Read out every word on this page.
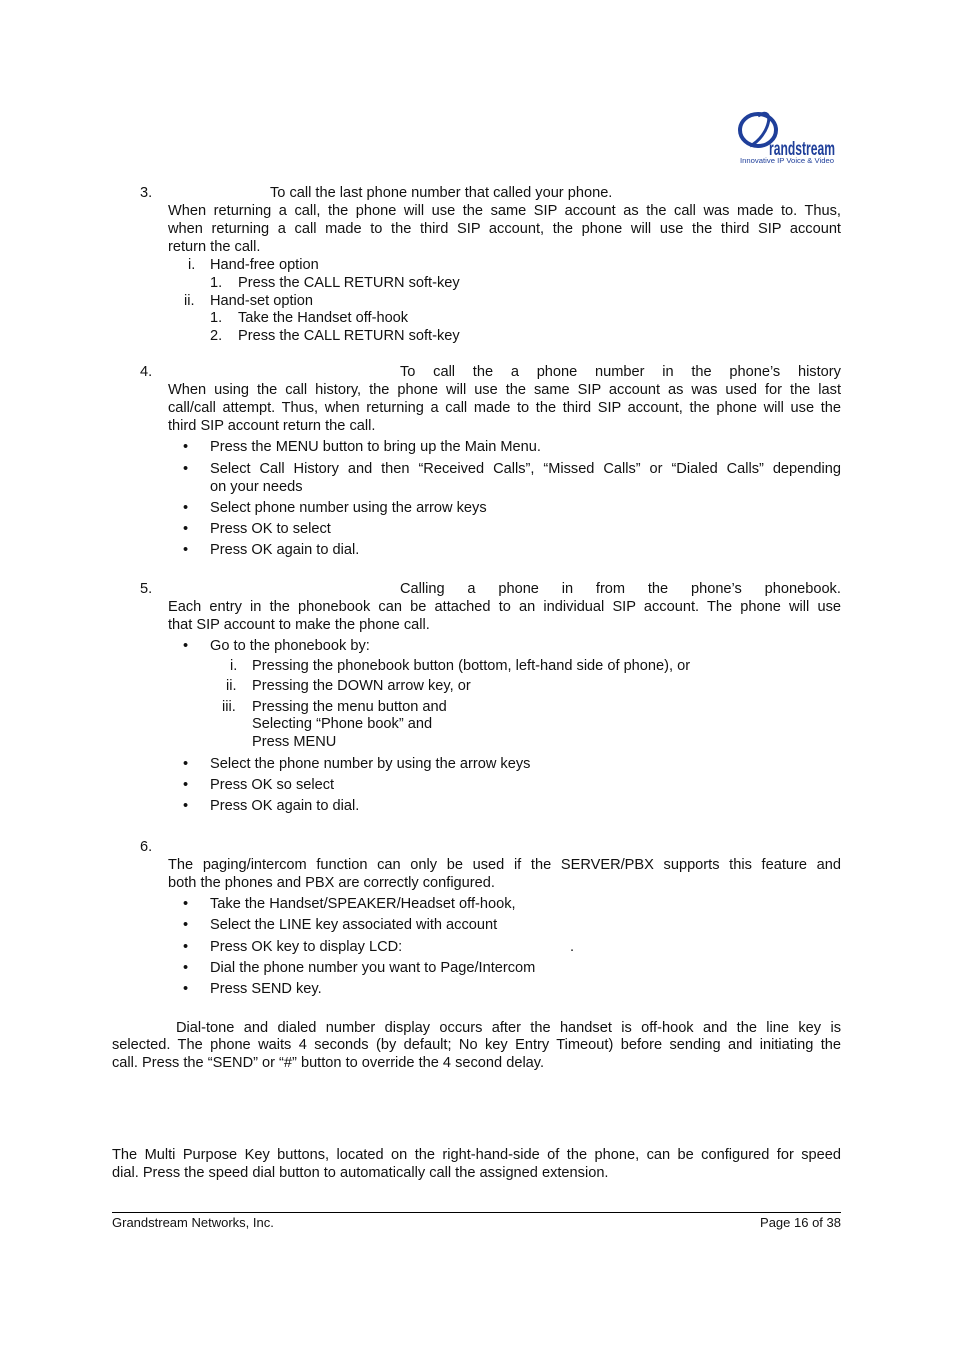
randstream
Innovative IP Voice & Video
3.	To call the last phone number that called your phone.
When returning a call, the phone will use the same SIP account as the call was made to. Thus,
when returning a call made to the third SIP account, the phone will use the third SIP account
return the call.
i. Hand-free option
1. Press the CALL RETURN soft-key
ii. Hand-set option
1. Take the Handset off-hook
2. Press the CALL RETURN soft-key
4.	To call the a phone number in the phone’s history
When using the call history, the phone will use the same SIP account as was used for the last
call/call attempt. Thus, when returning a call made to the third SIP account, the phone will use the
third SIP account return the call.
• Press the MENU button to bring up the Main Menu.
• Select Call History and then “Received Calls”, “Missed Calls” or “Dialed Calls” depending
on your needs
• Select phone number using the arrow keys
• Press OK to select
• Press OK again to dial.
5.	Calling a phone in from the phone’s phonebook.
Each entry in the phonebook can be attached to an individual SIP account. The phone will use
that SIP account to make the phone call.
• Go to the phonebook by:
i. Pressing the phonebook button (bottom, left-hand side of phone), or
ii. Pressing the DOWN arrow key, or
iii. Pressing the menu button and
Selecting “Phone book” and
Press MENU
• Select the phone number by using the arrow keys
• Press OK so select
• Press OK again to dial.
6.
The paging/intercom function can only be used if the SERVER/PBX supports this feature and
both the phones and PBX are correctly configured.
• Take the Handset/SPEAKER/Headset off-hook,
• Select the LINE key associated with account
• Press OK key to display LCD:	.
• Dial the phone number you want to Page/Intercom
• Press SEND key.
Dial-tone and dialed number display occurs after the handset is off-hook and the line key is
selected. The phone waits 4 seconds (by default; No key Entry Timeout) before sending and initiating the
call. Press the “SEND” or “#” button to override the 4 second delay.
The Multi Purpose Key buttons, located on the right-hand-side of the phone, can be configured for speed
dial. Press the speed dial button to automatically call the assigned extension.
Grandstream Networks, Inc.	Page 16 of 38
